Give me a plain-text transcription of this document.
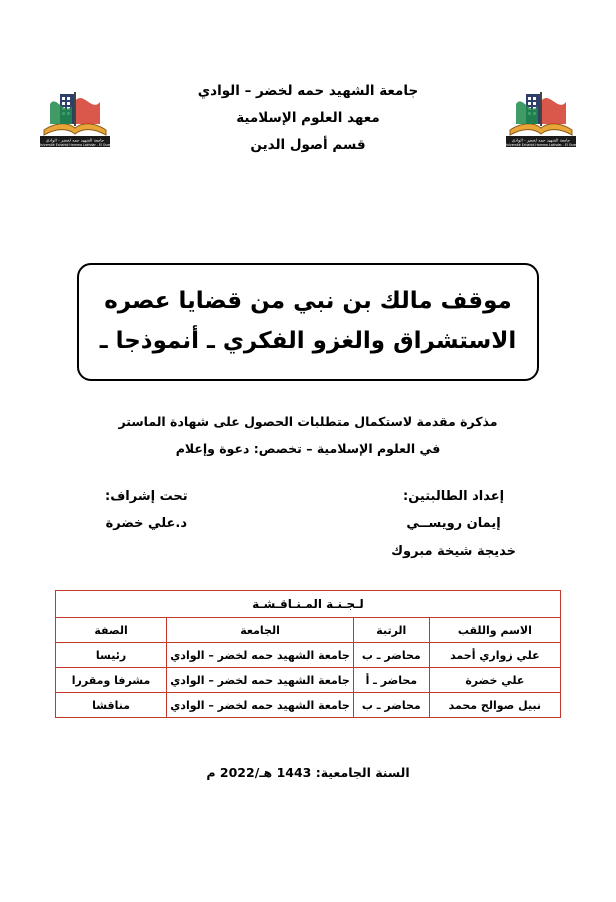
جامعة الشهيد حمه لخضر - الوادي
Université Echahid Hamma Lakhdar - El Oued
جامعة الشهيد حمه لخضر - الوادي
Université Echahid Hamma Lakhdar - El Oued
جامعة الشهيد حمه لخضر – الوادي
معهد العلوم الإسلامية
قسم أصول الدين
موقف مالك بن نبي من قضايا عصره
الاستشراق والغزو الفكري ـ أنموذجا ـ
مذكرة مقدمة لاستكمال متطلبات الحصول على شهادة الماستر
في العلوم الإسلامية – تخصص: دعوة وإعلام
إعداد الطالبتين:
إيمان رويســي
خديجة شيخة مبروك
تحت إشراف:
د.علي خضرة
لـجـنـة المـنـاقـشـة			
الاسم واللقب	الرتبة	الجامعة	الصفة
علي زواري أحمد	محاضر ـ ب	جامعة الشهيد حمه لخضر – الوادي	رئيسا
علي خضرة	محاضر ـ أ	جامعة الشهيد حمه لخضر – الوادي	مشرفا ومقررا
نبيل صوالح محمد	محاضر ـ ب	جامعة الشهيد حمه لخضر – الوادي	مناقشا
السنة الجامعية: 1443 هـ/2022 م
